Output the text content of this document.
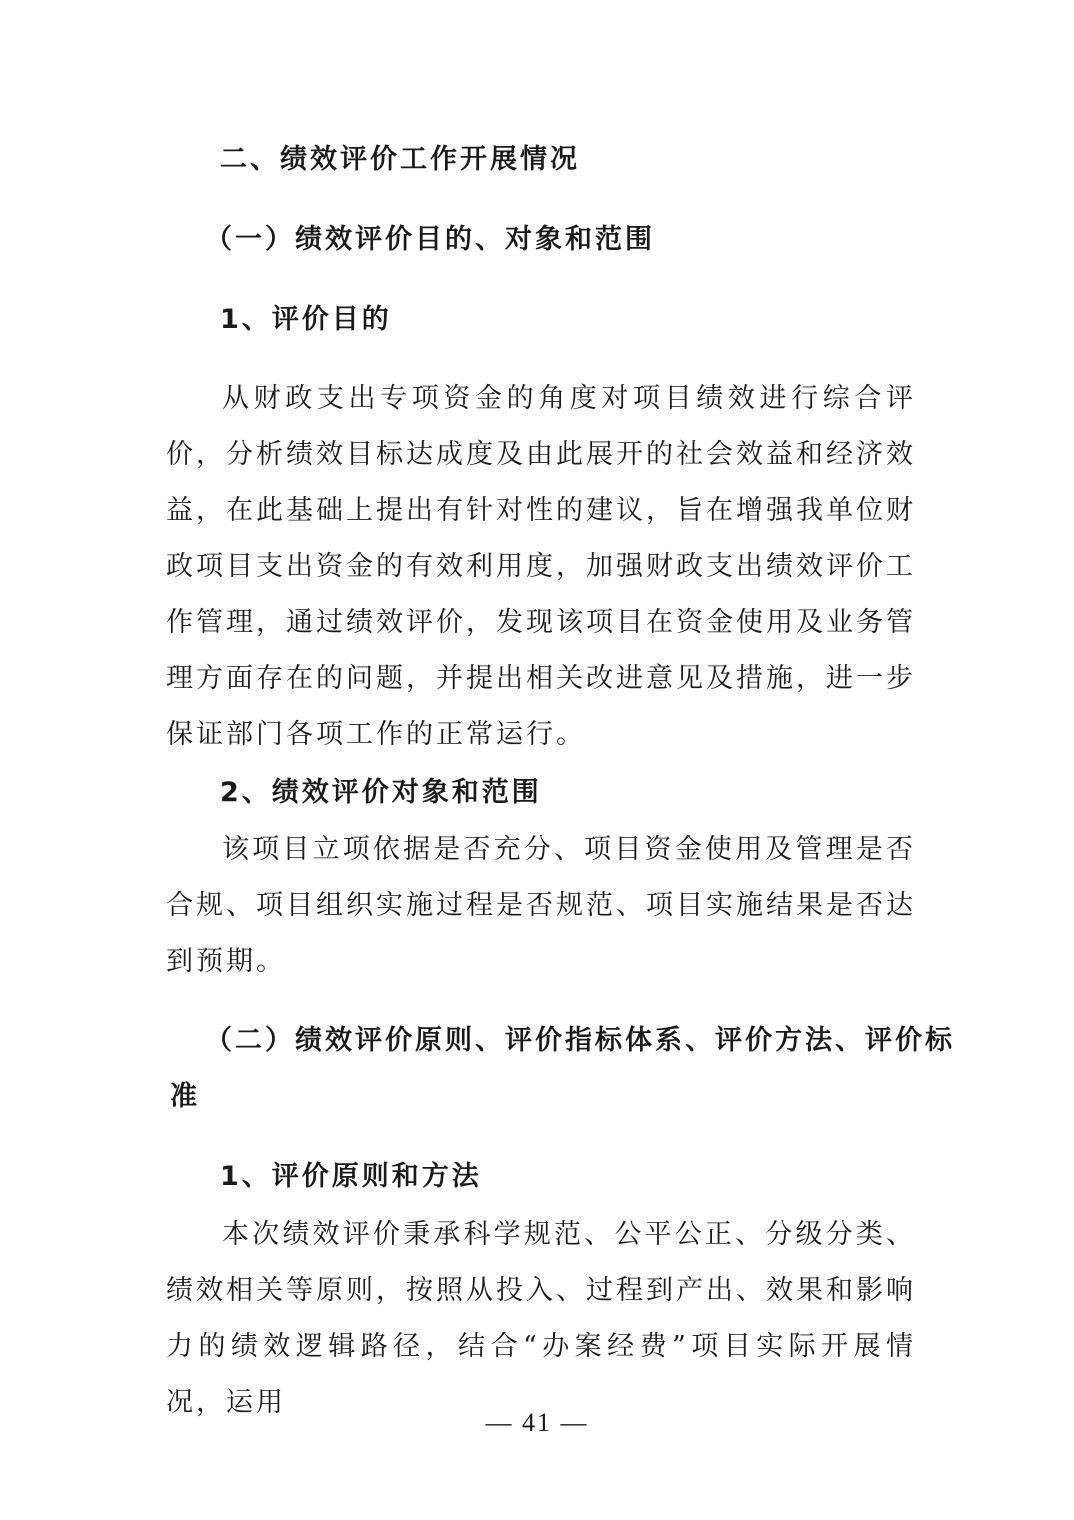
二、绩效评价工作开展情况

（一）绩效评价目的、对象和范围

1、评价目的

从财政支出专项资金的角度对项目绩效进行综合评价，分析绩效目标达成度及由此展开的社会效益和经济效益，在此基础上提出有针对性的建议，旨在增强我单位财政项目支出资金的有效利用度，加强财政支出绩效评价工作管理，通过绩效评价，发现该项目在资金使用及业务管理方面存在的问题，并提出相关改进意见及措施，进一步保证部门各项工作的正常运行。

2、绩效评价对象和范围

该项目立项依据是否充分、项目资金使用及管理是否合规、项目组织实施过程是否规范、项目实施结果是否达到预期。

（二）绩效评价原则、评价指标体系、评价方法、评价标

准

1、评价原则和方法

本次绩效评价秉承科学规范、公平公正、分级分类、绩效相关等原则，按照从投入、过程到产出、效果和影响力的绩效逻辑路径，结合“办案经费”项目实际开展情况，运用

— 41 —
